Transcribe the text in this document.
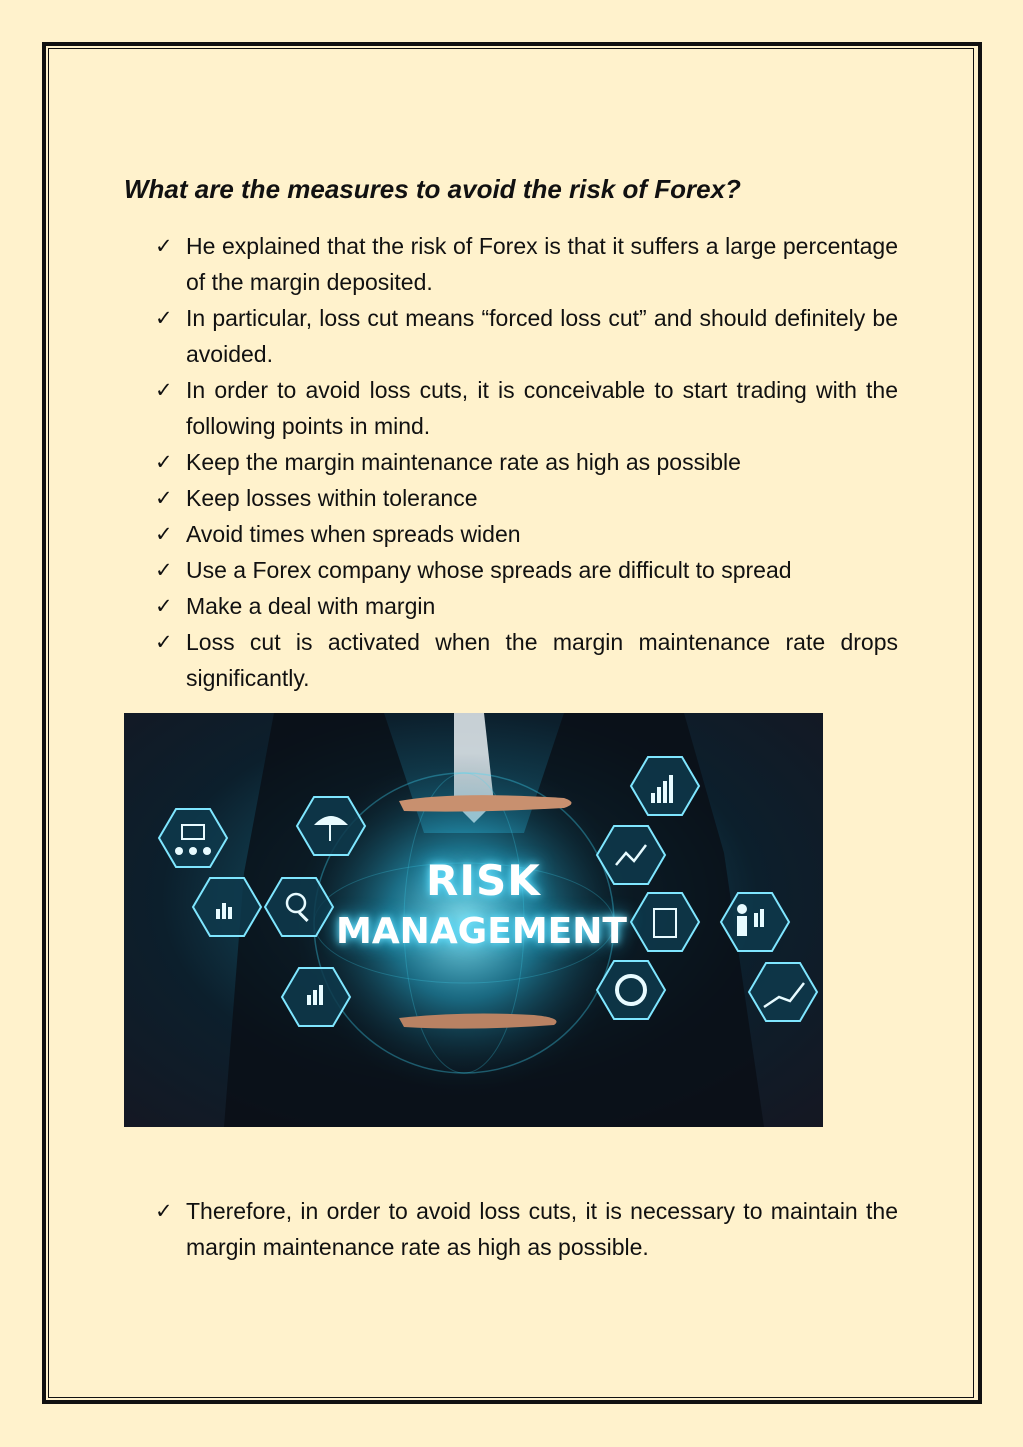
What are the measures to avoid the risk of Forex?
✓ He explained that the risk of Forex is that it suffers a large percentage of the margin deposited.
✓ In particular, loss cut means “forced loss cut” and should definitely be avoided.
✓ In order to avoid loss cuts, it is conceivable to start trading with the following points in mind.
✓ Keep the margin maintenance rate as high as possible
✓ Keep losses within tolerance
✓ Avoid times when spreads widen
✓ Use a Forex company whose spreads are difficult to spread
✓ Make a deal with margin
✓ Loss cut is activated when the margin maintenance rate drops significantly.
RISK
MANAGEMENT
✓ Therefore, in order to avoid loss cuts, it is necessary to maintain the margin maintenance rate as high as possible.
